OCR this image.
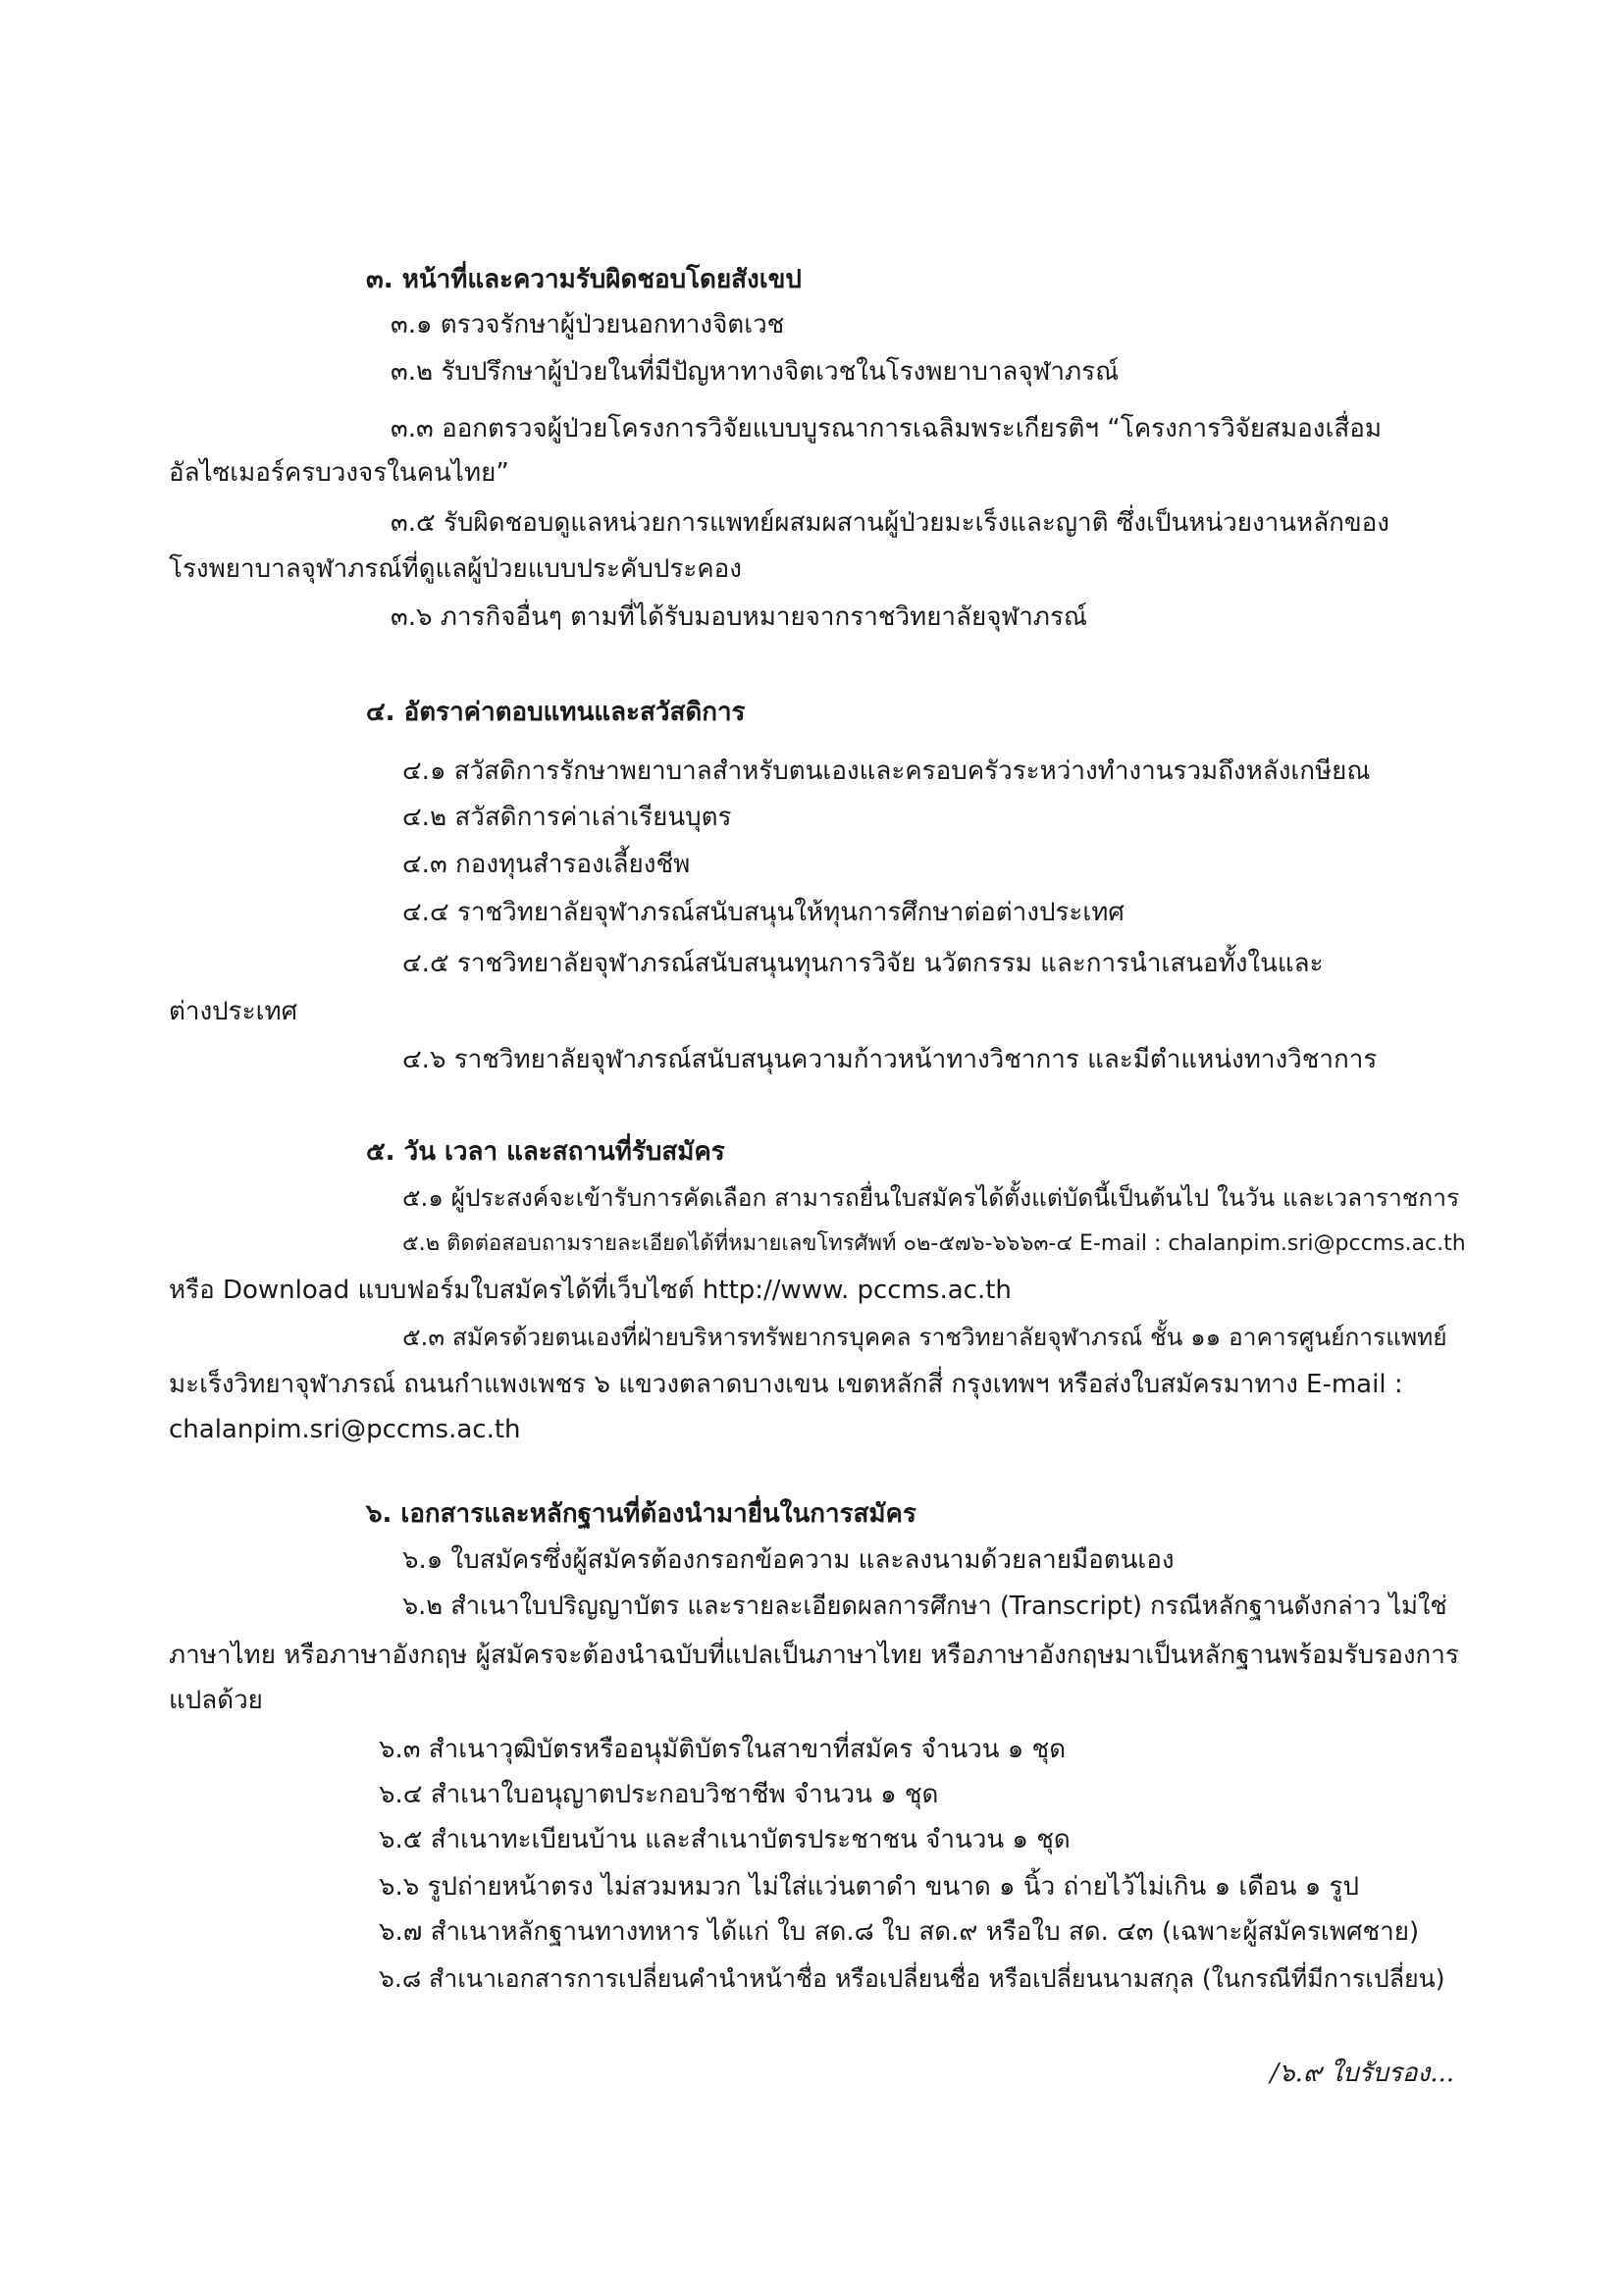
๓. หน้าที่และความรับผิดชอบโดยสังเขป

๓.๑ ตรวจรักษาผู้ป่วยนอกทางจิตเวช

๓.๒ รับปรึกษาผู้ป่วยในที่มีปัญหาทางจิตเวชในโรงพยาบาลจุฬาภรณ์

๓.๓ ออกตรวจผู้ป่วยโครงการวิจัยแบบบูรณาการเฉลิมพระเกียรติฯ “โครงการวิจัยสมองเสื่อม

อัลไซเมอร์ครบวงจรในคนไทย”

๓.๕ รับผิดชอบดูแลหน่วยการแพทย์ผสมผสานผู้ป่วยมะเร็งและญาติ ซึ่งเป็นหน่วยงานหลักของ

โรงพยาบาลจุฬาภรณ์ที่ดูแลผู้ป่วยแบบประคับประคอง

๓.๖ ภารกิจอื่นๆ ตามที่ได้รับมอบหมายจากราชวิทยาลัยจุฬาภรณ์

๔. อัตราค่าตอบแทนและสวัสดิการ

๔.๑ สวัสดิการรักษาพยาบาลสำหรับตนเองและครอบครัวระหว่างทำงานรวมถึงหลังเกษียณ

๔.๒ สวัสดิการค่าเล่าเรียนบุตร

๔.๓ กองทุนสำรองเลี้ยงชีพ

๔.๔ ราชวิทยาลัยจุฬาภรณ์สนับสนุนให้ทุนการศึกษาต่อต่างประเทศ

๔.๕ ราชวิทยาลัยจุฬาภรณ์สนับสนุนทุนการวิจัย นวัตกรรม และการนำเสนอทั้งในและ

ต่างประเทศ

๔.๖ ราชวิทยาลัยจุฬาภรณ์สนับสนุนความก้าวหน้าทางวิชาการ และมีตำแหน่งทางวิชาการ

๕. วัน เวลา และสถานที่รับสมัคร

๕.๑ ผู้ประสงค์จะเข้ารับการคัดเลือก สามารถยื่นใบสมัครได้ตั้งแต่บัดนี้เป็นต้นไป ในวัน และเวลาราชการ

๕.๒ ติดต่อสอบถามรายละเอียดได้ที่หมายเลขโทรศัพท์ ๐๒-๕๗๖-๖๖๖๓-๔ E-mail : chalanpim.sri@pccms.ac.th

หรือ Download แบบฟอร์มใบสมัครได้ที่เว็บไซต์ http://www. pccms.ac.th

๕.๓ สมัครด้วยตนเองที่ฝ่ายบริหารทรัพยากรบุคคล ราชวิทยาลัยจุฬาภรณ์ ชั้น ๑๑ อาคารศูนย์การแพทย์

มะเร็งวิทยาจุฬาภรณ์ ถนนกำแพงเพชร ๖ แขวงตลาดบางเขน เขตหลักสี่ กรุงเทพฯ หรือส่งใบสมัครมาทาง E-mail :

chalanpim.sri@pccms.ac.th

๖. เอกสารและหลักฐานที่ต้องนำมายื่นในการสมัคร

๖.๑ ใบสมัครซึ่งผู้สมัครต้องกรอกข้อความ และลงนามด้วยลายมือตนเอง

๖.๒ สำเนาใบปริญญาบัตร และรายละเอียดผลการศึกษา (Transcript) กรณีหลักฐานดังกล่าว ไม่ใช่

ภาษาไทย หรือภาษาอังกฤษ ผู้สมัครจะต้องนำฉบับที่แปลเป็นภาษาไทย หรือภาษาอังกฤษมาเป็นหลักฐานพร้อมรับรองการ

แปลด้วย

๖.๓ สำเนาวุฒิบัตรหรืออนุมัติบัตรในสาขาที่สมัคร จำนวน ๑ ชุด

๖.๔ สำเนาใบอนุญาตประกอบวิชาชีพ จำนวน ๑ ชุด

๖.๕ สำเนาทะเบียนบ้าน และสำเนาบัตรประชาชน จำนวน ๑ ชุด

๖.๖ รูปถ่ายหน้าตรง ไม่สวมหมวก ไม่ใส่แว่นตาดำ ขนาด ๑ นิ้ว ถ่ายไว้ไม่เกิน ๑ เดือน ๑ รูป

๖.๗ สำเนาหลักฐานทางทหาร ได้แก่ ใบ สด.๘ ใบ สด.๙ หรือใบ สด. ๔๓ (เฉพาะผู้สมัครเพศชาย)

๖.๘ สำเนาเอกสารการเปลี่ยนคำนำหน้าชื่อ หรือเปลี่ยนชื่อ หรือเปลี่ยนนามสกุล (ในกรณีที่มีการเปลี่ยน)

/๖.๙ ใบรับรอง...
